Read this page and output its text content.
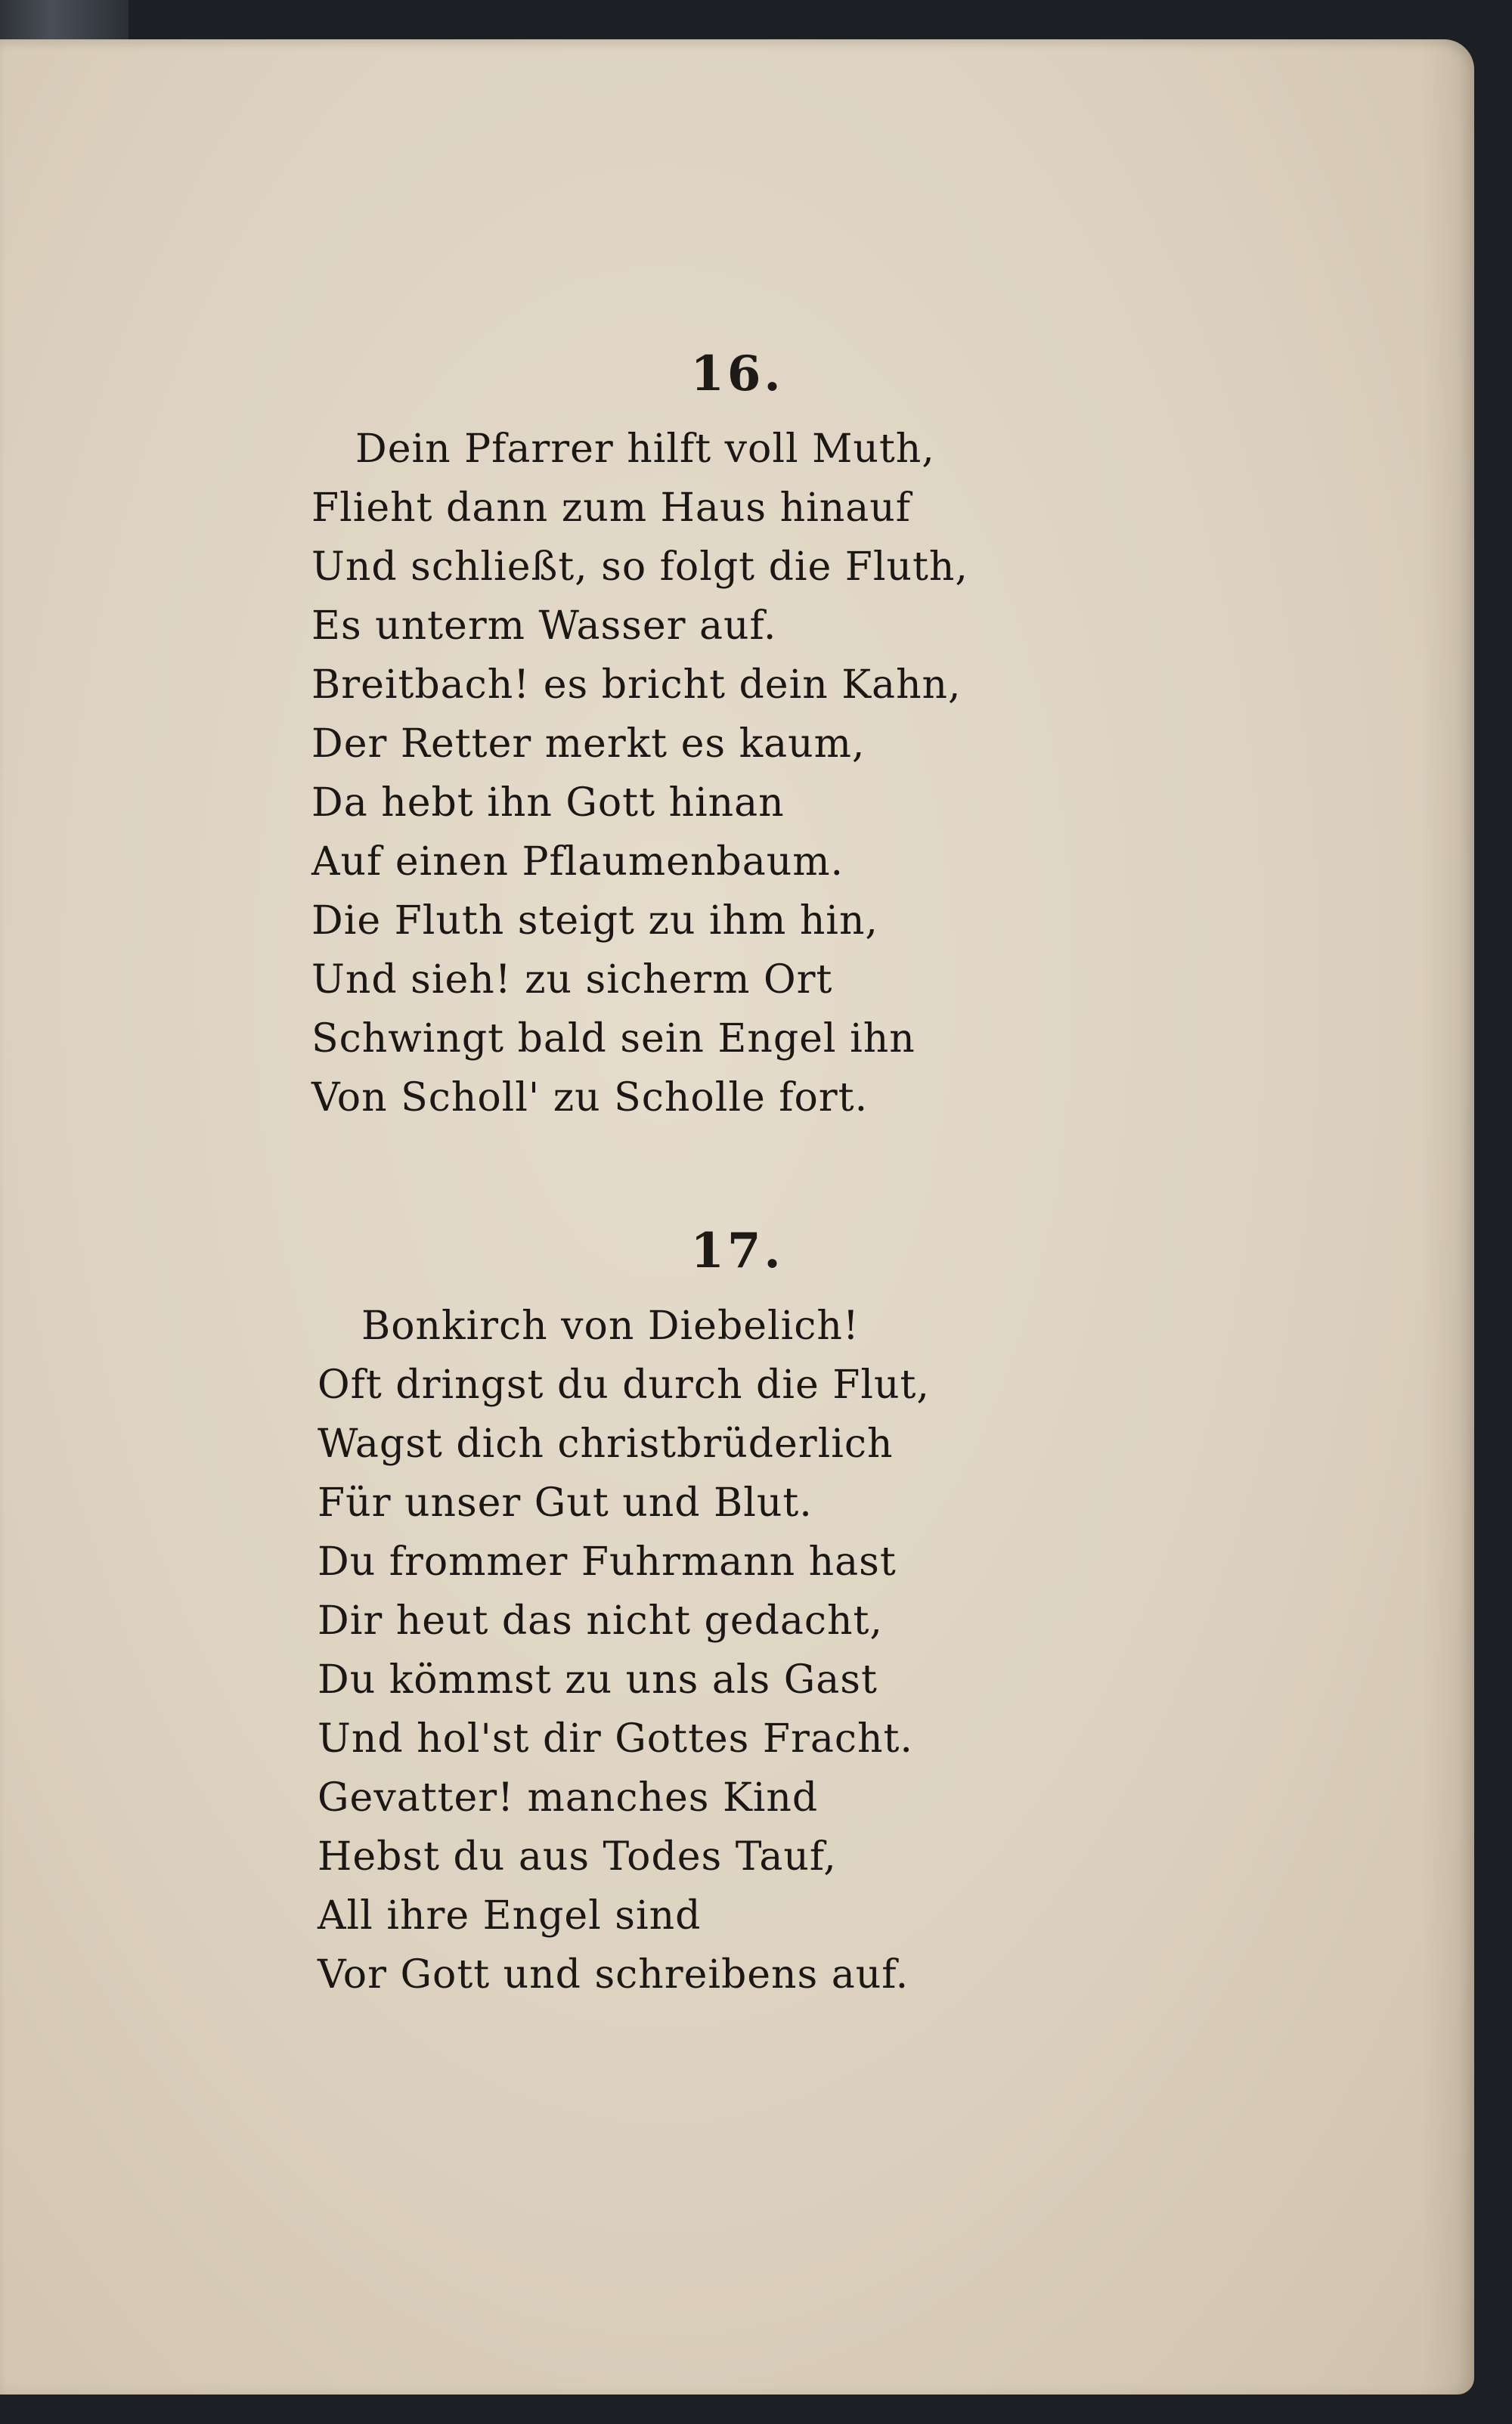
16.
Dein Pfarrer hilft voll Muth,
Flieht dann zum Haus hinauf
Und schließt, so folgt die Fluth,
Es unterm Wasser auf.
Breitbach! es bricht dein Kahn,
Der Retter merkt es kaum,
Da hebt ihn Gott hinan
Auf einen Pflaumenbaum.
Die Fluth steigt zu ihm hin,
Und sieh! zu sicherm Ort
Schwingt bald sein Engel ihn
Von Scholl' zu Scholle fort.
17.
Bonkirch von Diebelich!
Oft dringst du durch die Flut,
Wagst dich christbrüderlich
Für unser Gut und Blut.
Du frommer Fuhrmann hast
Dir heut das nicht gedacht,
Du kömmst zu uns als Gast
Und hol'st dir Gottes Fracht.
Gevatter! manches Kind
Hebst du aus Todes Tauf,
All ihre Engel sind
Vor Gott und schreibens auf.
